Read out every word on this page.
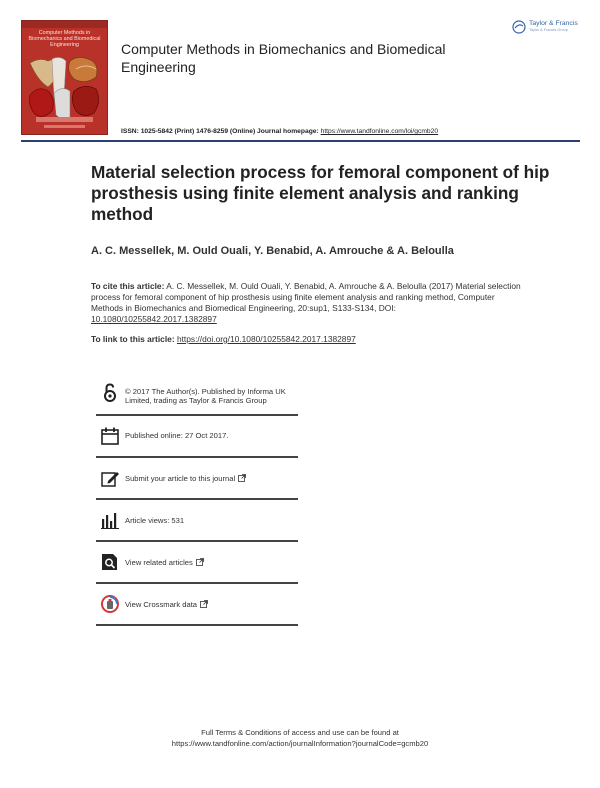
Computer Methods in Biomechanics and Biomedical Engineering	Computer Methods in Biomechanics and Biomedical Engineering
Taylor & Francis
Taylor & Francis Group
ISSN: 1025-5842 (Print) 1476-8259 (Online) Journal homepage: https://www.tandfonline.com/loi/gcmb20
Material selection process for femoral component of hip prosthesis using finite element analysis and ranking method
A. C. Messellek, M. Ould Ouali, Y. Benabid, A. Amrouche & A. Beloulla
To cite this article: A. C. Messellek, M. Ould Ouali, Y. Benabid, A. Amrouche & A. Beloulla (2017) Material selection process for femoral component of hip prosthesis using finite element analysis and ranking method, Computer Methods in Biomechanics and Biomedical Engineering, 20:sup1, S133-S134, DOI: 10.1080/10255842.2017.1382897
To link to this article: https://doi.org/10.1080/10255842.2017.1382897
© 2017 The Author(s). Published by Informa UK Limited, trading as Taylor & Francis Group
Published online: 27 Oct 2017.
Submit your article to this journal
Article views: 531
View related articles
View Crossmark data
Full Terms & Conditions of access and use can be found at
https://www.tandfonline.com/action/journalInformation?journalCode=gcmb20
